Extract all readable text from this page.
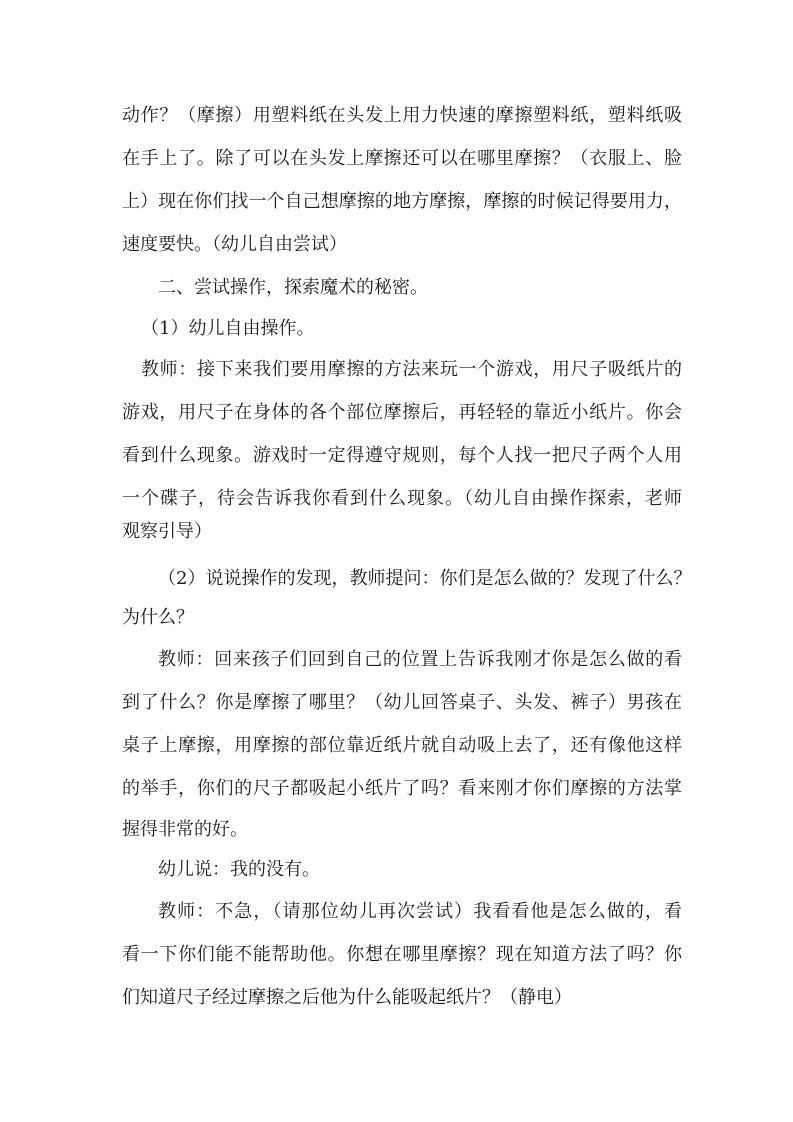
动作？（摩擦）用塑料纸在头发上用力快速的摩擦塑料纸，塑料纸吸
在手上了。除了可以在头发上摩擦还可以在哪里摩擦？（衣服上、脸
上）现在你们找一个自己想摩擦的地方摩擦，摩擦的时候记得要用力，
速度要快。（幼儿自由尝试）
二、尝试操作，探索魔术的秘密。
（1）幼儿自由操作。
教师：接下来我们要用摩擦的方法来玩一个游戏，用尺子吸纸片的
游戏，用尺子在身体的各个部位摩擦后，再轻轻的靠近小纸片。你会
看到什么现象。游戏时一定得遵守规则，每个人找一把尺子两个人用
一个碟子，待会告诉我你看到什么现象。（幼儿自由操作探索，老师
观察引导）
（2）说说操作的发现，教师提问：你们是怎么做的？发现了什么？
为什么？
教师：回来孩子们回到自己的位置上告诉我刚才你是怎么做的看
到了什么？你是摩擦了哪里？（幼儿回答桌子、头发、裤子）男孩在
桌子上摩擦，用摩擦的部位靠近纸片就自动吸上去了，还有像他这样
的举手，你们的尺子都吸起小纸片了吗？看来刚才你们摩擦的方法掌
握得非常的好。
幼儿说：我的没有。
教师：不急，（请那位幼儿再次尝试）我看看他是怎么做的，看
看一下你们能不能帮助他。你想在哪里摩擦？现在知道方法了吗？你
们知道尺子经过摩擦之后他为什么能吸起纸片？（静电）
